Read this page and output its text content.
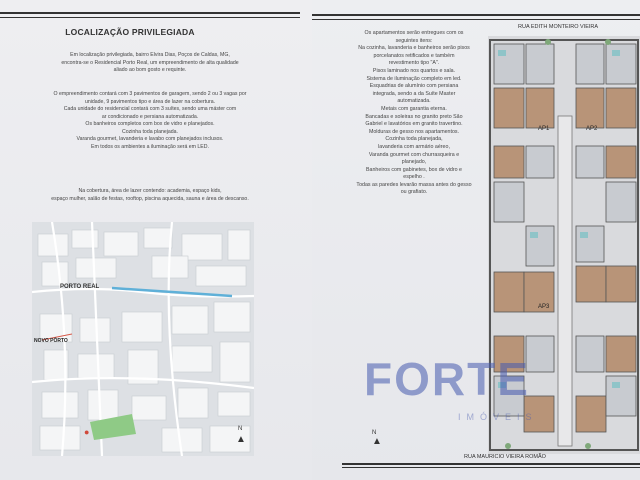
LOCALIZAÇÃO PRIVILEGIADA
Em localização privilegiada, bairro Elvira Dias, Poços de Caldas, MG,
encontra-se o Residencial Porto Real, um empreendimento de alta qualidade
aliado ao bom gosto e requinte.
O empreendimento contará com 3 pavimentos de garagem, sendo 2 ou 3 vagas por
unidade, 9 pavimentos tipo e área de lazer na cobertura.
Cada unidade do residencial contará com 3 suítes, sendo uma máster com
ar condicionado e persiana automatizada.
Os banheiros completos com box de vidro e planejados.
Cozinha toda planejada.
Varanda gourmet, lavanderia e lavabo com planejados inclusos.
Em todos os ambientes a iluminação será em LED.
Na cobertura, área de lazer contendo: academia, espaço kids,
espaço mulher, salão de festas, rooftop, piscina aquecida, sauna e área de descanso.
PORTO REAL
NOVO PÔRTO
●
▲
N
RUA EDITH MONTEIRO VIEIRA
Os apartamentos serão entregues com os
seguintes itens:
Na cozinha, lavanderia e banheiros serão pisos
porcelanatos retificados e também
revestimento tipo "A".
Pisos laminado nos quartos e sala.
Sistema de iluminação completo em led.
Esquadrias de alumínio com persiana
integrada, sendo a da Suíte Master
automatizada.
Metais com garantia eterna.
Bancadas e soleiras no granito preto São
Gabriel e lavatórios em granito travertino.
Molduras de gesso nos apartamentos.
Cozinha toda planejada,
lavanderia com armário aéreo,
Varanda gourmet com churrasqueira e
planejado,
Banheiros com gabinetes, box de vidro e
espelho .
Todas as paredes levarão massa antes do gesso
ou grafiato.
AP1	AP2
AP3
FORTE
IMÓVEIS
▲
N
RUA MAURICIO VIEIRA ROMÃO
